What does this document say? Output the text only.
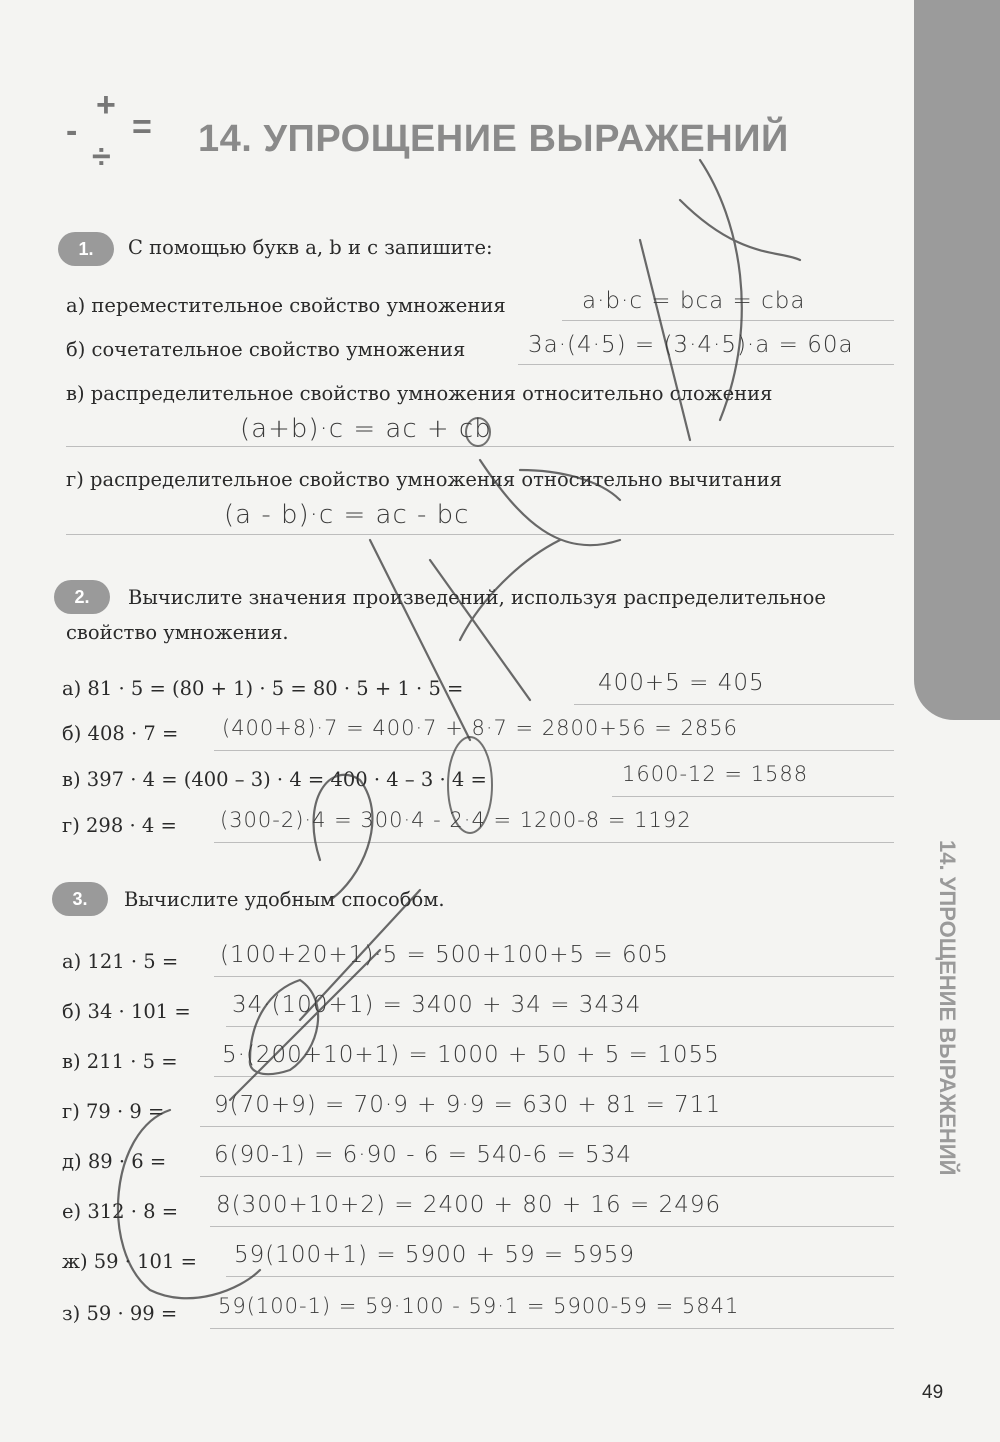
14. УПРОЩЕНИЕ ВЫРАЖЕНИЙ
+
- =
÷ 14. УПРОЩЕНИЕ ВЫРАЖЕНИЙ
1.	С помощью букв a, b и с запишите:
а) переместительное свойство умножения	a·b·c = bca = cba
б) сочетательное свойство умножения	3a·(4·5) = (3·4·5)·a = 60a
в) распределительное свойство умножения относительно сложения
(a+b)·c = ac + cb
г) распределительное свойство умножения относительно вычитания
(a - b)·c = ac - bc
2.	Вычислите значения произведений, используя распределительное
свойство умножения.
а) 81 · 5 = (80 + 1) · 5 = 80 · 5 + 1 · 5 =	400+5 = 405
б) 408 · 7 = (400+8)·7 = 400·7 + 8·7 = 2800+56 = 2856
в) 397 · 4 = (400 – 3) · 4 = 400 · 4 – 3 · 4 =	1600-12 = 1588
г) 298 · 4 = (300-2)·4 = 300·4 - 2·4 = 1200-8 = 1192
3.	Вычислите удобным способом.
а) 121 · 5 = (100+20+1)·5 = 500+100+5 = 605
б) 34 · 101 = 34·(100+1) = 3400 + 34 = 3434
в) 211 · 5 = 5·(200+10+1) = 1000 + 50 + 5 = 1055
г) 79 · 9 = 9(70+9) = 70·9 + 9·9 = 630 + 81 = 711
д) 89 · 6 = 6(90-1) = 6·90 - 6 = 540-6 = 534
е) 312 · 8 = 8(300+10+2) = 2400 + 80 + 16 = 2496
ж) 59 · 101 = 59(100+1) = 5900 + 59 = 5959
з) 59 · 99 = 59(100-1) = 59·100 - 59·1 = 5900-59 = 5841
49
